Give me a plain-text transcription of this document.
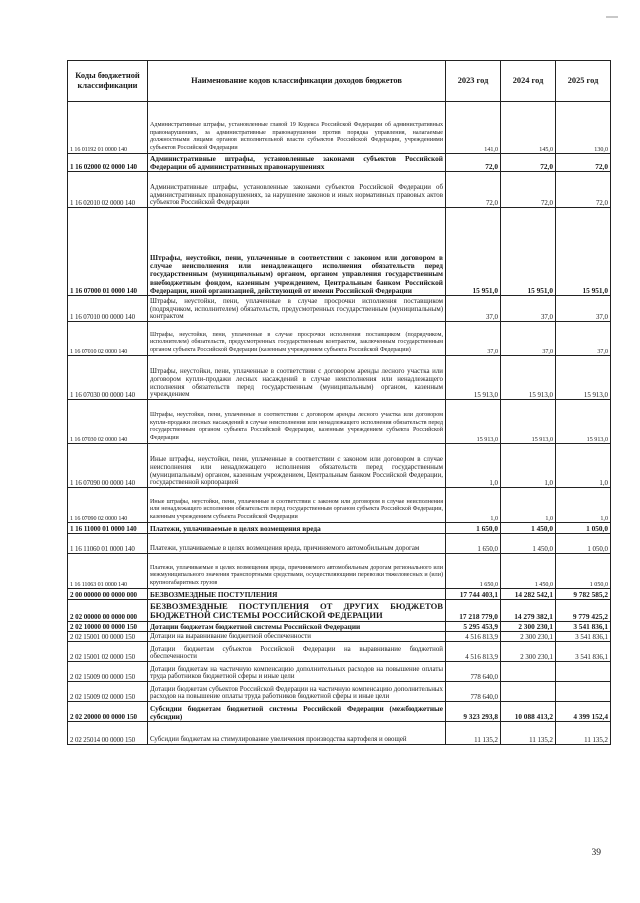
Коды бюджетной классификации	Наименование кодов классификации доходов бюджетов	2023 год	2024 год	2025 год
1 16 01192 01 0000 140	Административные штрафы, установленные главой 19 Кодекса Российской Федерации об административных правонарушениях, за административные правонарушения против порядка управления, налагаемые должностными лицами органов исполнительной власти субъектов Российской Федерации, учреждениями субъектов Российской Федерации	141,0	145,0	130,0
1 16 02000 02 0000 140	Административные штрафы, установленные законами субъектов Российской Федерации об административных правонарушениях	72,0	72,0	72,0
1 16 02010 02 0000 140	Административные штрафы, установленные законами субъектов Российской Федерации об административных правонарушениях, за нарушение законов и иных нормативных правовых актов субъектов Российской Федерации	72,0	72,0	72,0
1 16 07000 01 0000 140	Штрафы, неустойки, пени, уплаченные в соответствии с законом или договором в случае неисполнения или ненадлежащего исполнения обязательств перед государственным (муниципальным) органом, органом управления государственным внебюджетным фондом, казенным учреждением, Центральным банком Российской Федерации, иной организацией, действующей от имени Российской Федерации	15 951,0	15 951,0	15 951,0
1 16 07010 00 0000 140	Штрафы, неустойки, пени, уплаченные в случае просрочки исполнения поставщиком (подрядчиком, исполнителем) обязательств, предусмотренных государственным (муниципальным) контрактом	37,0	37,0	37,0
1 16 07010 02 0000 140	Штрафы, неустойки, пени, уплаченные в случае просрочки исполнения поставщиком (подрядчиком, исполнителем) обязательств, предусмотренных государственным контрактом, заключенным государственным органом субъекта Российской Федерации (казенным учреждением субъекта Российской Федерации)	37,0	37,0	37,0
1 16 07030 00 0000 140	Штрафы, неустойки, пени, уплаченные в соответствии с договором аренды лесного участка или договором купли-продажи лесных насаждений в случае неисполнения или ненадлежащего исполнения обязательств перед государственным (муниципальным) органом, казенным учреждением	15 913,0	15 913,0	15 913,0
1 16 07030 02 0000 140	Штрафы, неустойки, пени, уплаченные в соответствии с договором аренды лесного участка или договором купли-продажи лесных насаждений в случае неисполнения или ненадлежащего исполнения обязательств перед государственным органом субъекта Российской Федерации, казенным учреждением субъекта Российской Федерации	15 913,0	15 913,0	15 913,0
1 16 07090 00 0000 140	Иные штрафы, неустойки, пени, уплаченные в соответствии с законом или договором в случае неисполнения или ненадлежащего исполнения обязательств перед государственным (муниципальным) органом, казенным учреждением, Центральным банком Российской Федерации, государственной корпорацией	1,0	1,0	1,0
1 16 07090 02 0000 140	Иные штрафы, неустойки, пени, уплаченные в соответствии с законом или договором в случае неисполнения или ненадлежащего исполнения обязательств перед государственным органом субъекта Российской Федерации, казенным учреждением субъекта Российской Федерации	1,0	1,0	1,0
1 16 11000 01 0000 140	Платежи, уплачиваемые в целях возмещения вреда	1 650,0	1 450,0	1 050,0
1 16 11060 01 0000 140	Платежи, уплачиваемые в целях возмещения вреда, причиняемого автомобильным дорогам	1 650,0	1 450,0	1 050,0
1 16 11063 01 0000 140	Платежи, уплачиваемые в целях возмещения вреда, причиняемого автомобильным дорогам регионального или межмуниципального значения транспортными средствами, осуществляющими перевозки тяжеловесных и (или) крупногабаритных грузов	1 650,0	1 450,0	1 050,0
2 00 00000 00 0000 000	БЕЗВОЗМЕЗДНЫЕ ПОСТУПЛЕНИЯ	17 744 403,1	14 282 542,1	9 782 585,2
2 02 00000 00 0000 000	БЕЗВОЗМЕЗДНЫЕ ПОСТУПЛЕНИЯ ОТ ДРУГИХ БЮДЖЕТОВ БЮДЖЕТНОЙ СИСТЕМЫ РОССИЙСКОЙ ФЕДЕРАЦИИ	17 218 779,0	14 279 382,1	9 779 425,2
2 02 10000 00 0000 150	Дотации бюджетам бюджетной системы Российской Федерации	5 295 453,9	2 300 230,1	3 541 836,1
2 02 15001 00 0000 150	Дотации на выравнивание бюджетной обеспеченности	4 516 813,9	2 300 230,1	3 541 836,1
2 02 15001 02 0000 150	Дотации бюджетам субъектов Российской Федерации на выравнивание бюджетной обеспеченности	4 516 813,9	2 300 230,1	3 541 836,1
2 02 15009 00 0000 150	Дотации бюджетам на частичную компенсацию дополнительных расходов на повышение оплаты труда работников бюджетной сферы и иные цели	778 640,0		
2 02 15009 02 0000 150	Дотации бюджетам субъектов Российской Федерации на частичную компенсацию дополнительных расходов на повышение оплаты труда работников бюджетной сферы и иные цели	778 640,0		
2 02 20000 00 0000 150	Субсидии бюджетам бюджетной системы Российской Федерации (межбюджетные субсидии)	9 323 293,8	10 088 413,2	4 399 152,4
2 02 25014 00 0000 150	Субсидии бюджетам на стимулирование увеличения производства картофеля и овощей	11 135,2	11 135,2	11 135,2
39
